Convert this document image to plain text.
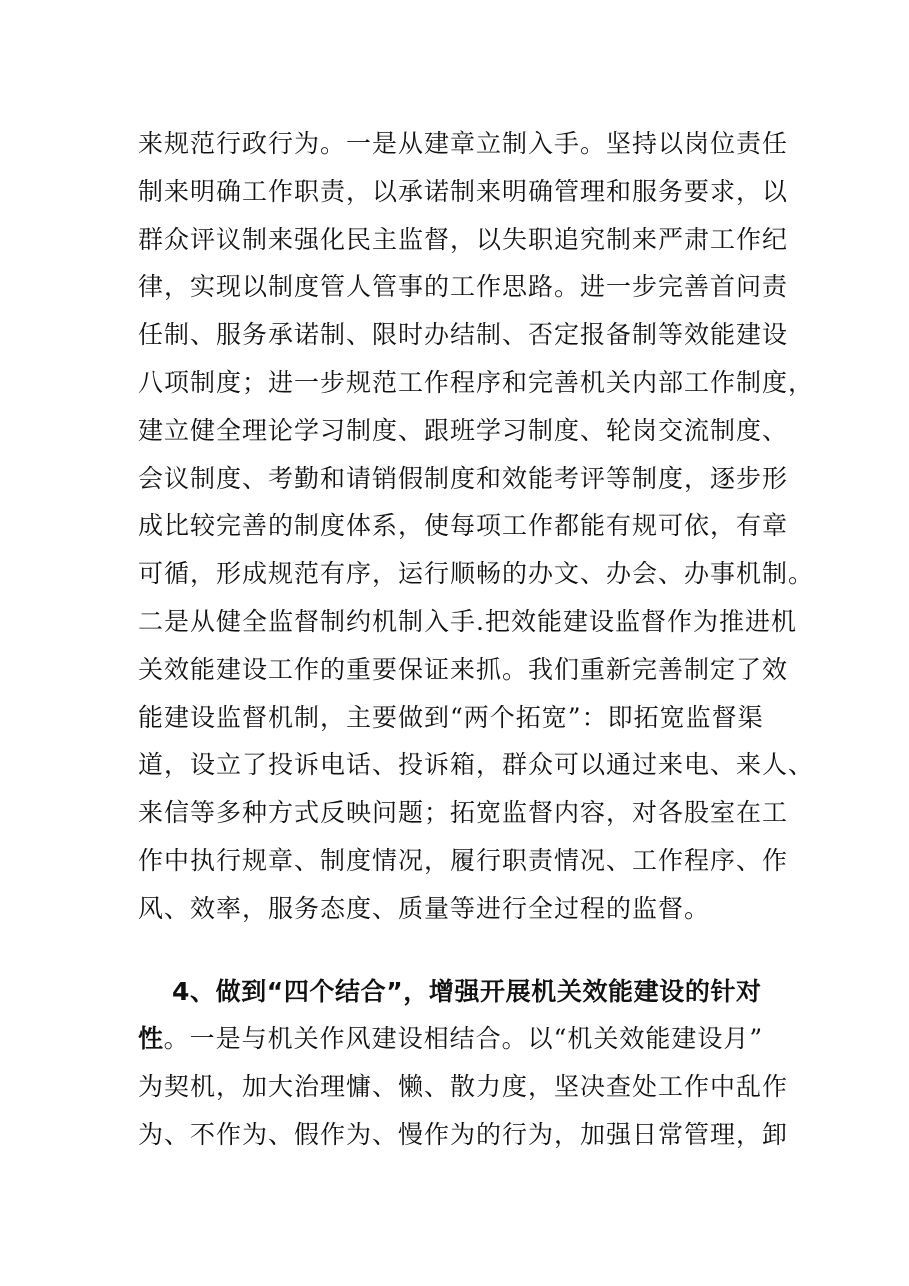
来规范行政行为。一是从建章立制入手。坚持以岗位责任
制来明确工作职责，以承诺制来明确管理和服务要求，以
群众评议制来强化民主监督，以失职追究制来严肃工作纪
律，实现以制度管人管事的工作思路。进一步完善首问责
任制、服务承诺制、限时办结制、否定报备制等效能建设
八项制度；进一步规范工作程序和完善机关内部工作制度，
建立健全理论学习制度、跟班学习制度、轮岗交流制度、
会议制度、考勤和请销假制度和效能考评等制度，逐步形
成比较完善的制度体系，使每项工作都能有规可依，有章
可循，形成规范有序，运行顺畅的办文、办会、办事机制。
二是从健全监督制约机制入手.把效能建设监督作为推进机
关效能建设工作的重要保证来抓。我们重新完善制定了效
能建设监督机制，主要做到“两个拓宽”：即拓宽监督渠
道，设立了投诉电话、投诉箱，群众可以通过来电、来人、
来信等多种方式反映问题；拓宽监督内容，对各股室在工
作中执行规章、制度情况，履行职责情况、工作程序、作
风、效率，服务态度、质量等进行全过程的监督。
4、做到“四个结合”，增强开展机关效能建设的针对
性。一是与机关作风建设相结合。以“机关效能建设月”
为契机，加大治理慵、懒、散力度，坚决查处工作中乱作
为、不作为、假作为、慢作为的行为，加强日常管理，卸
